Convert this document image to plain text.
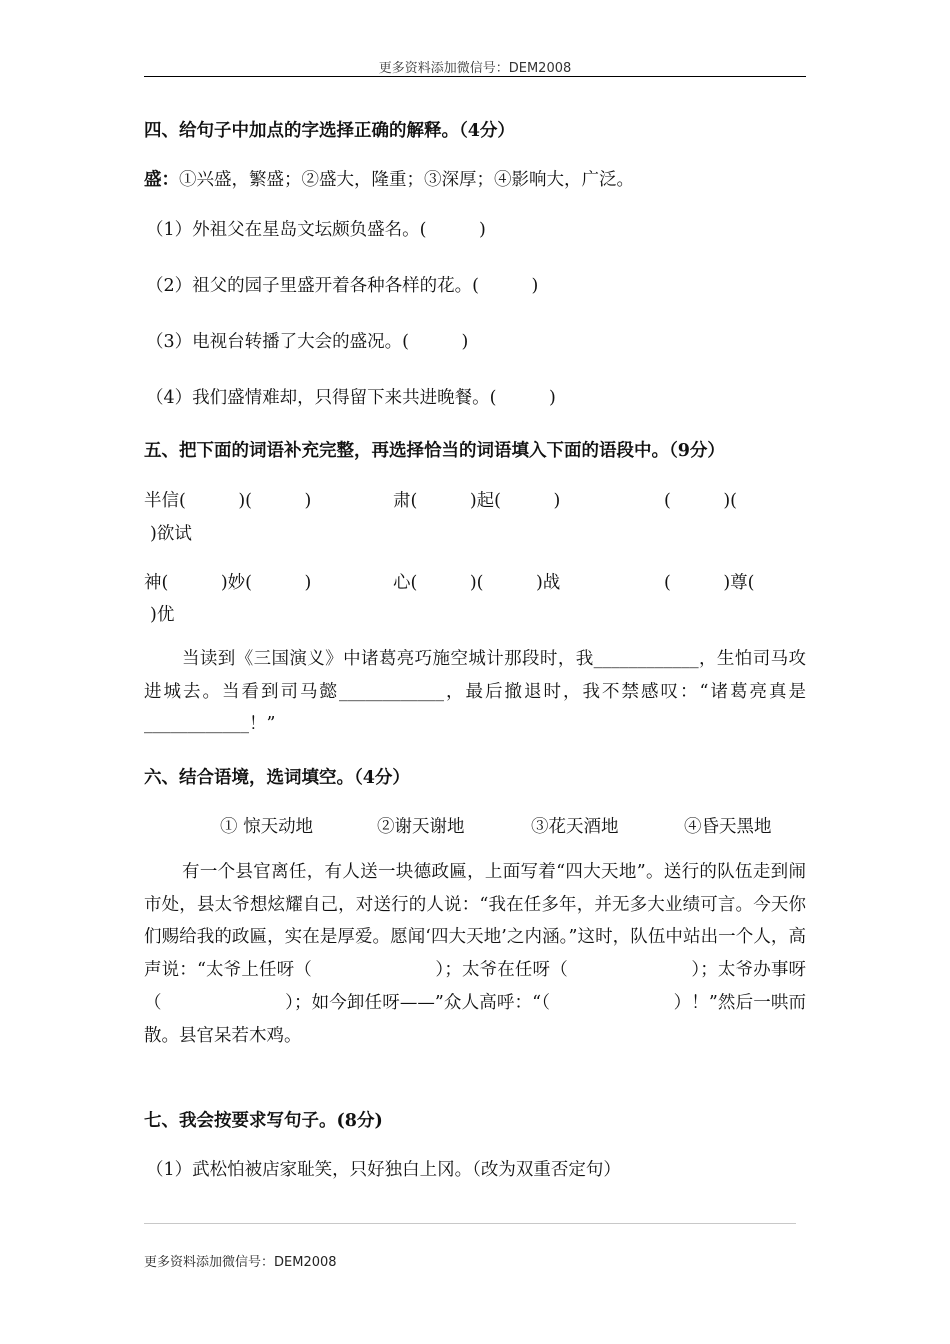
更多资料添加微信号：DEM2008
四、给句子中加点的字选择正确的解释。（4分）
盛：①兴盛，繁盛；②盛大，隆重；③深厚；④影响大，广泛。
（1）外祖父在星岛文坛颇负盛名。(　　　)
（2）祖父的园子里盛开着各种各样的花。(　　　)
（3）电视台转播了大会的盛况。(　　　)
（4）我们盛情难却，只得留下来共进晚餐。(　　　)
五、把下面的词语补充完整，再选择恰当的词语填入下面的语段中。（9分）
半信(　　　)(　　　)	肃(　　　)起(　　　)	(　　　)(
)欲试
神(　　　)妙(　　　)	心(　　　)(　　　)战	(　　　)尊(
)优
当读到《三国演义》中诸葛亮巧施空城计那段时，我____________，生怕司马攻进城去。当看到司马懿____________，最后撤退时，我不禁感叹：“诸葛亮真是____________！”
六、结合语境，选词填空。（4分）
① 惊天动地	②谢天谢地	③花天酒地	④昏天黑地
有一个县官离任，有人送一块德政匾，上面写着“四大天地”。送行的队伍走到闹市处，县太爷想炫耀自己，对送行的人说：“我在任多年，并无多大业绩可言。今天你们赐给我的政匾，实在是厚爱。愿闻‘四大天地’之内涵。”这时，队伍中站出一个人，高声说：“太爷上任呀（　　　　　　　）；太爷在任呀（　　　　　　　）；太爷办事呀（　　　　　　　）；如今卸任呀——”众人高呼：“（　　　　　　　）！”然后一哄而散。县官呆若木鸡。
七、我会按要求写句子。(8分)
（1）武松怕被店家耻笑，只好独白上冈。（改为双重否定句）
更多资料添加微信号：DEM2008
